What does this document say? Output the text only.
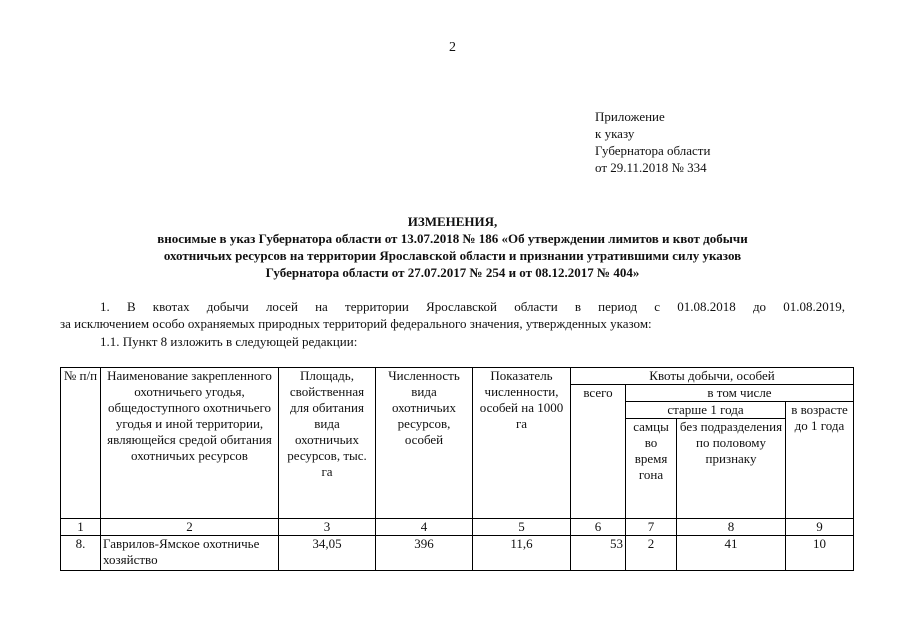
2
Приложение
к указу
Губернатора области
от 29.11.2018 № 334
ИЗМЕНЕНИЯ,
вносимые в указ Губернатора области от 13.07.2018 № 186 «Об утверждении лимитов и квот добычи
охотничьих ресурсов на территории Ярославской области и признании утратившими силу указов
Губернатора области от 27.07.2017 № 254 и от 08.12.2017 № 404»
1. В квотах добычи лосей на территории Ярославской области в период с 01.08.2018 до 01.08.2019,
за исключением особо охраняемых природных территорий федерального значения, утвержденных указом:
1.1. Пункт 8 изложить в следующей редакции:
№ п/п	Наименование закрепленного охотничьего угодья, общедоступного охотничьего угодья и иной территории, являющейся средой обитания охотничьих ресурсов	Площадь, свойственная для обитания вида охотничьих ресурсов, тыс. га	Численность вида охотничьих ресурсов, особей	Показатель численности, особей на 1000 га	Квоты добычи, особей			
					всего	в том числе		
						старше 1 года		в возрасте до 1 года
						самцы во время гона	без подразделения по половому признаку	
1	2	3	4	5	6	7	8	9
8.	Гаврилов-Ямское охотничье хозяйство	34,05	396	11,6	53	2	41	10
